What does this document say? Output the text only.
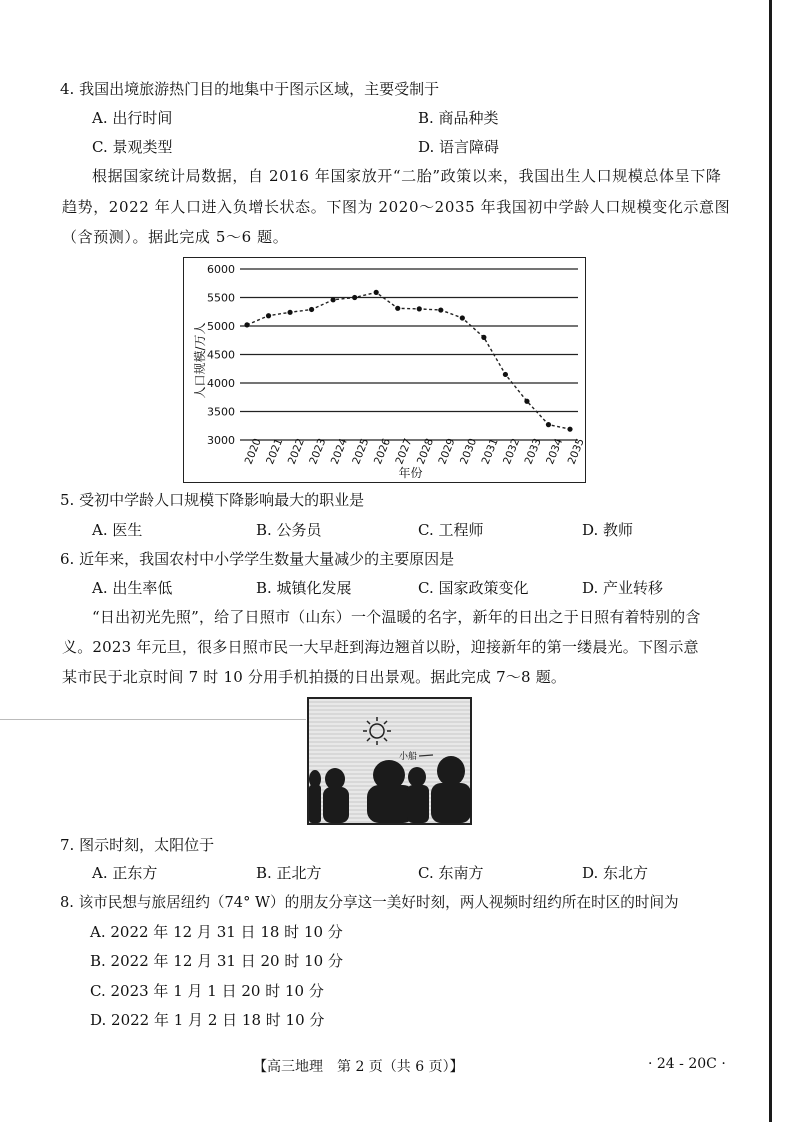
4. 我国出境旅游热门目的地集中于图示区域，主要受制于
A. 出行时间	B. 商品种类
C. 景观类型	D. 语言障碍
根据国家统计局数据，自 2016 年国家放开“二胎”政策以来，我国出生人口规模总体呈下降
趋势，2022 年人口进入负增长状态。下图为 2020～2035 年我国初中学龄人口规模变化示意图
（含预测）。据此完成 5～6 题。
6000
5500
5000
4500
4000
3500
3000 2020 2021 2022 2023 2024 2025 2026 2027 2028 2029 2030 2031 2032 2033 2034 2035
人口规模/万人
年份
5. 受初中学龄人口规模下降影响最大的职业是
A. 医生	B. 公务员	C. 工程师	D. 教师
6. 近年来，我国农村中小学学生数量大量减少的主要原因是
A. 出生率低	B. 城镇化发展	C. 国家政策变化	D. 产业转移
“日出初光先照”，给了日照市（山东）一个温暖的名字，新年的日出之于日照有着特别的含
义。2023 年元旦，很多日照市民一大早赶到海边翘首以盼，迎接新年的第一缕晨光。下图示意
某市民于北京时间 7 时 10 分用手机拍摄的日出景观。据此完成 7～8 题。
小船
7. 图示时刻，太阳位于
A. 正东方	B. 正北方	C. 东南方	D. 东北方
8. 该市民想与旅居纽约（74° W）的朋友分享这一美好时刻，两人视频时纽约所在时区的时间为
A. 2022 年 12 月 31 日 18 时 10 分
B. 2022 年 12 月 31 日 20 时 10 分
C. 2023 年 1 月 1 日 20 时 10 分
D. 2022 年 1 月 2 日 18 时 10 分
【高三地理　第 2 页（共 6 页）】	· 24 - 20C ·
